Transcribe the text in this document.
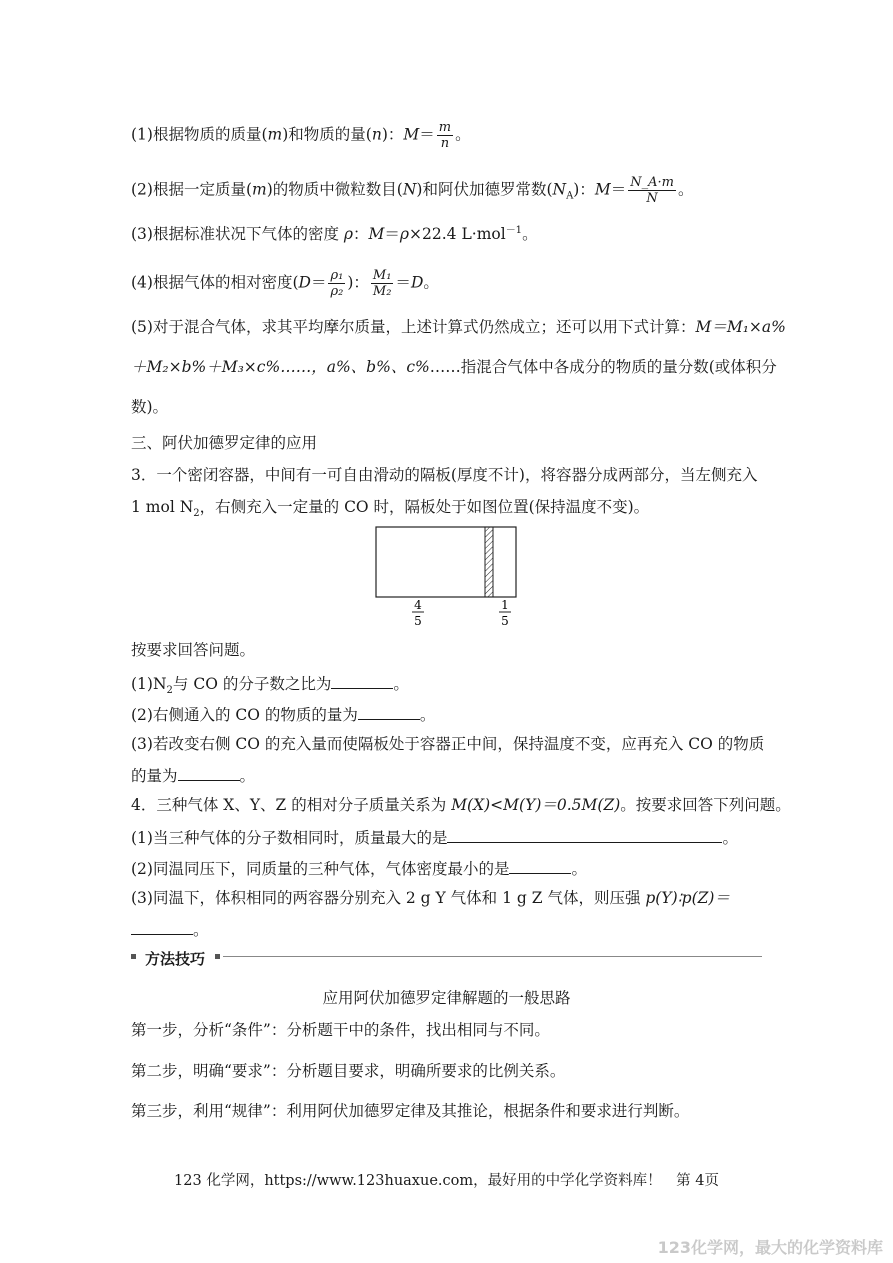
(1)根据物质的质量(m)和物质的量(n)：$M= \frac{m}{n}$ 。
(2)根据一定质量(m)的物质中微粒数目(N)和阿伏加德罗常数$(N_A)$：$M= \frac{N\_A\cdot m}{N}$ 。
(3)根据标准状况下气体的密度 ρ：M＝ρ×22.4 L·mol$^{-1}$。
(4)根据气体的相对密度($D= \frac{\text{ρ₁}}{\text{ρ₂}}$ )： $\frac{\text{M₁}}{\text{M₂}} =D$。
(5)对于混合气体，求其平均摩尔质量，上述计算式仍然成立；还可以用下式计算：M＝M₁×a%
＋M₂×b%＋M₃×c%……，a%、b%、c%……指混合气体中各成分的物质的量分数(或体积分
数)。
三、阿伏加德罗定律的应用
3．一个密闭容器，中间有一可自由滑动的隔板(厚度不计)，将容器分成两部分，当左侧充入
1 mol $N_2$，右侧充入一定量的 CO 时，隔板处于如图位置(保持温度不变)。
4
5
1
5
按要求回答问题。
$(1)N_2$与 CO 的分子数之比为	。
(2)右侧通入的 CO 的物质的量为	。
(3)若改变右侧 CO 的充入量而使隔板处于容器正中间，保持温度不变，应再充入 CO 的物质
的量为	。
4．三种气体 X、Y、Z 的相对分子质量关系为 M(X)<M(Y)＝0.5M(Z)。按要求回答下列问题。
(1)当三种气体的分子数相同时，质量最大的是	。
(2)同温同压下，同质量的三种气体，气体密度最小的是	。
(3)同温下，体积相同的两容器分别充入 2 g Y 气体和 1 g Z 气体，则压强 p(Y)∶p(Z)＝
。
方法技巧
应用阿伏加德罗定律解题的一般思路
第一步，分析“条件”：分析题干中的条件，找出相同与不同。
第二步，明确“要求”：分析题目要求，明确所要求的比例关系。
第三步，利用“规律”：利用阿伏加德罗定律及其推论，根据条件和要求进行判断。
123 化学网，https://www.123huaxue.com，最好用的中学化学资料库！　第 4页
123化学网，最大的化学资料库
